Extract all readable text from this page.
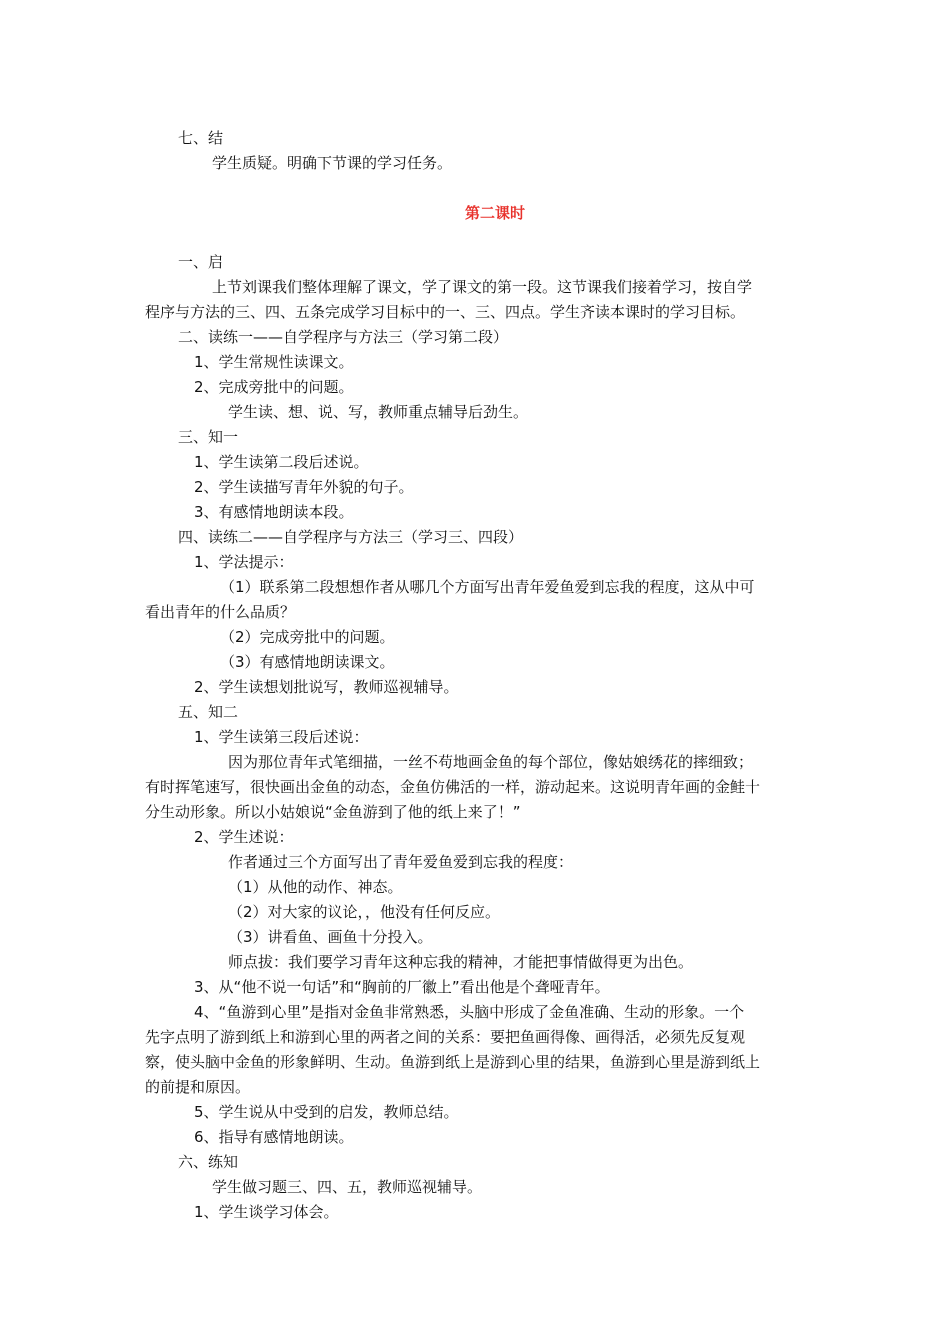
七、结
学生质疑。明确下节课的学习任务。
第二课时
一、启
上节刘课我们整体理解了课文，学了课文的第一段。这节课我们接着学习，按自学
程序与方法的三、四、五条完成学习目标中的一、三、四点。学生齐读本课时的学习目标。
二、读练一——自学程序与方法三（学习第二段）
1、学生常规性读课文。
2、完成旁批中的问题。
学生读、想、说、写，教师重点辅导后劲生。
三、知一
1、学生读第二段后述说。
2、学生读描写青年外貌的句子。
3、有感情地朗读本段。
四、读练二——自学程序与方法三（学习三、四段）
1、学法提示：
（1）联系第二段想想作者从哪几个方面写出青年爱鱼爱到忘我的程度，这从中可
看出青年的什么品质？
（2）完成旁批中的问题。
（3）有感情地朗读课文。
2、学生读想划批说写，教师巡视辅导。
五、知二
1、学生读第三段后述说：
因为那位青年式笔细描，一丝不苟地画金鱼的每个部位，像姑娘绣花的摔细致；
有时挥笔速写，很快画出金鱼的动态，金鱼仿佛活的一样，游动起来。这说明青年画的金鲑十
分生动形象。所以小姑娘说“金鱼游到了他的纸上来了！”
2、学生述说：
作者通过三个方面写出了青年爱鱼爱到忘我的程度：
（1）从他的动作、神态。
（2）对大家的议论，，他没有任何反应。
（3）讲看鱼、画鱼十分投入。
师点拔：我们要学习青年这种忘我的精神，才能把事情做得更为出色。
3、从“他不说一句话”和“胸前的厂徽上”看出他是个聋哑青年。
4、“鱼游到心里”是指对金鱼非常熟悉，头脑中形成了金鱼准确、生动的形象。一个
先字点明了游到纸上和游到心里的两者之间的关系：要把鱼画得像、画得活，必须先反复观
察，使头脑中金鱼的形象鲜明、生动。鱼游到纸上是游到心里的结果，鱼游到心里是游到纸上
的前提和原因。
5、学生说从中受到的启发，教师总结。
6、指导有感情地朗读。
六、练知
学生做习题三、四、五，教师巡视辅导。
1、学生谈学习体会。
